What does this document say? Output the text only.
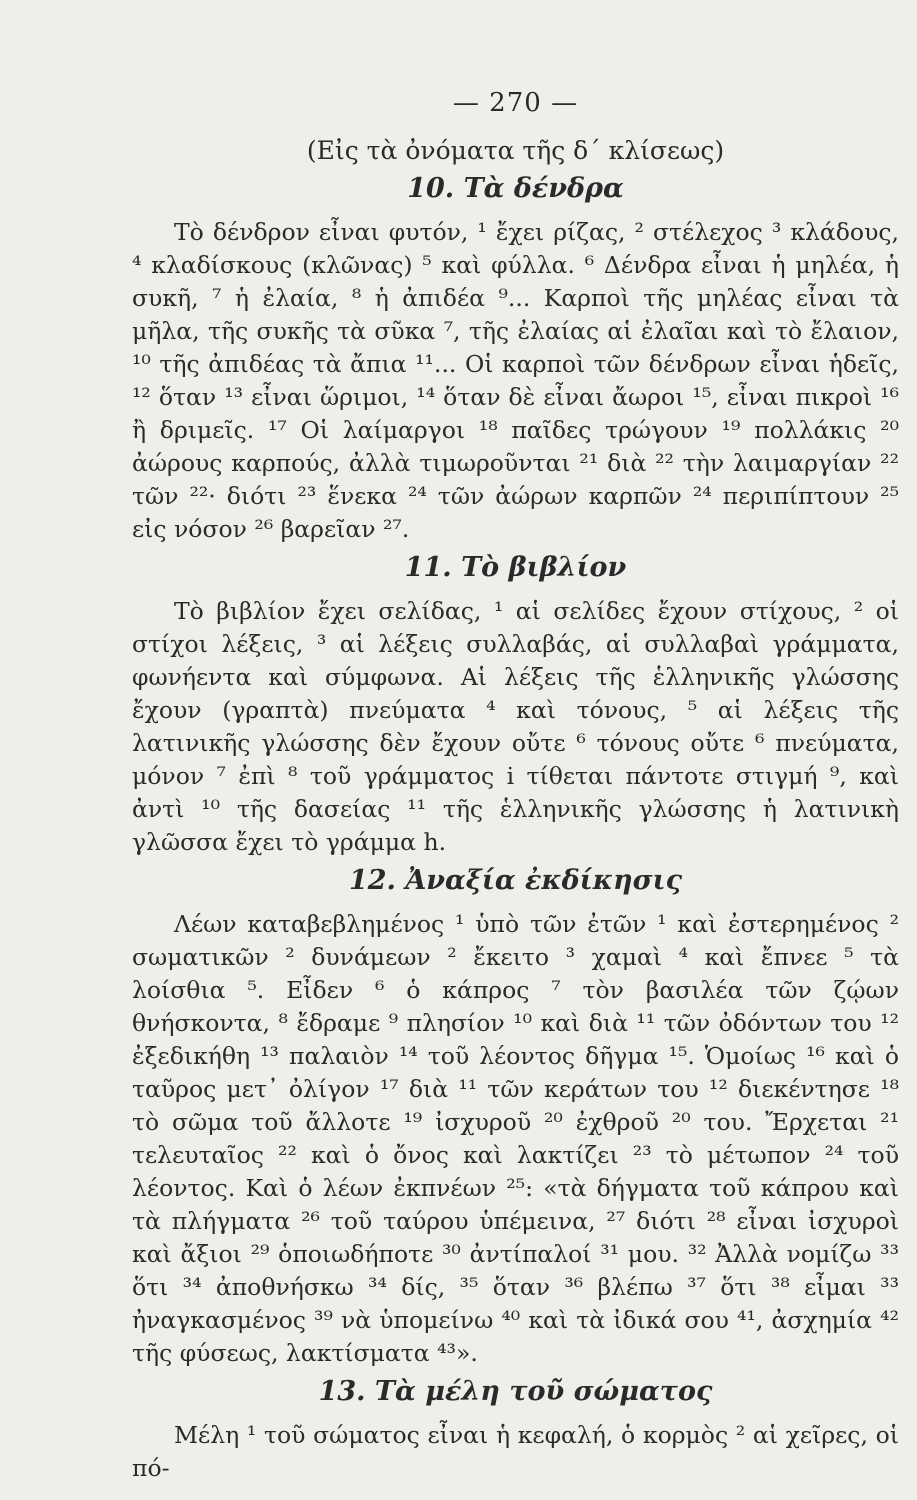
— 270 —
(Εἰς τὰ ὀνόματα τῆς δ΄ κλίσεως)
10. Τὰ δένδρα

Τὸ δένδρον εἶναι φυτόν, ¹ ἔχει ρίζας, ² στέλεχος ³ κλάδους, ⁴ κλαδίσκους (κλῶνας) ⁵ καὶ φύλλα. ⁶ Δένδρα εἶναι ἡ μηλέα, ἡ συκῆ, ⁷ ἡ ἐλαία, ⁸ ἡ ἀπιδέα ⁹... Καρποὶ τῆς μηλέας εἶναι τὰ μῆλα, τῆς συκῆς τὰ σῦκα ⁷, τῆς ἐλαίας αἱ ἐλαῖαι καὶ τὸ ἔλαιον, ¹⁰ τῆς ἀπιδέας τὰ ἄπια ¹¹... Οἱ καρποὶ τῶν δένδρων εἶναι ἡδεῖς, ¹² ὅταν ¹³ εἶναι ὥριμοι, ¹⁴ ὅταν δὲ εἶναι ἄωροι ¹⁵, εἶναι πικροὶ ¹⁶ ἢ δριμεῖς. ¹⁷ Οἱ λαίμαργοι ¹⁸ παῖδες τρώγουν ¹⁹ πολλάκις ²⁰ ἀώρους καρπούς, ἀλλὰ τιμωροῦνται ²¹ διὰ ²² τὴν λαιμαργίαν ²² τῶν ²²· διότι ²³ ἕνεκα ²⁴ τῶν ἀώρων καρπῶν ²⁴ περιπίπτουν ²⁵ εἰς νόσον ²⁶ βαρεῖαν ²⁷.

11. Τὸ βιβλίον

Τὸ βιβλίον ἔχει σελίδας, ¹ αἱ σελίδες ἔχουν στίχους, ² οἱ στίχοι λέξεις, ³ αἱ λέξεις συλλαβάς, αἱ συλλαβαὶ γράμματα, φωνήεντα καὶ σύμφωνα. Αἱ λέξεις τῆς ἑλληνικῆς γλώσσης ἔχουν (γραπτὰ) πνεύματα ⁴ καὶ τόνους, ⁵ αἱ λέξεις τῆς λατινικῆς γλώσσης δὲν ἔχουν οὔτε ⁶ τόνους οὔτε ⁶ πνεύματα, μόνον ⁷ ἐπὶ ⁸ τοῦ γράμματος i τίθεται πάντοτε στιγμή ⁹, καὶ ἀντὶ ¹⁰ τῆς δασείας ¹¹ τῆς ἑλληνικῆς γλώσσης ἡ λατινικὴ γλῶσσα ἔχει τὸ γράμμα h.

12. Ἀναξία ἐκδίκησις

Λέων καταβεβλημένος ¹ ὑπὸ τῶν ἐτῶν ¹ καὶ ἐστερημένος ² σωματικῶν ² δυνάμεων ² ἔκειτο ³ χαμαὶ ⁴ καὶ ἔπνεε ⁵ τὰ λοίσθια ⁵. Εἶδεν ⁶ ὁ κάπρος ⁷ τὸν βασιλέα τῶν ζῴων θνήσκοντα, ⁸ ἔδραμε ⁹ πλησίον ¹⁰ καὶ διὰ ¹¹ τῶν ὀδόντων του ¹² ἐξεδικήθη ¹³ παλαιὸν ¹⁴ τοῦ λέοντος δῆγμα ¹⁵. Ὁμοίως ¹⁶ καὶ ὁ ταῦρος μετ᾽ ὀλίγον ¹⁷ διὰ ¹¹ τῶν κεράτων του ¹² διεκέντησε ¹⁸ τὸ σῶμα τοῦ ἄλλοτε ¹⁹ ἰσχυροῦ ²⁰ ἐχθροῦ ²⁰ του. Ἔρχεται ²¹ τελευταῖος ²² καὶ ὁ ὄνος καὶ λακτίζει ²³ τὸ μέτωπον ²⁴ τοῦ λέοντος. Καὶ ὁ λέων ἐκπνέων ²⁵: «τὰ δήγματα τοῦ κάπρου καὶ τὰ πλήγματα ²⁶ τοῦ ταύρου ὑπέμεινα, ²⁷ διότι ²⁸ εἶναι ἰσχυροὶ καὶ ἄξιοι ²⁹ ὁποιωδήποτε ³⁰ ἀντίπαλοί ³¹ μου. ³² Ἀλλὰ νομίζω ³³ ὅτι ³⁴ ἀποθνήσκω ³⁴ δίς, ³⁵ ὅταν ³⁶ βλέπω ³⁷ ὅτι ³⁸ εἶμαι ³³ ἠναγκασμένος ³⁹ νὰ ὑπομείνω ⁴⁰ καὶ τὰ ἰδικά σου ⁴¹, ἀσχημία ⁴² τῆς φύσεως, λακτίσματα ⁴³».

13. Τὰ μέλη τοῦ σώματος

Μέλη ¹ τοῦ σώματος εἶναι ἡ κεφαλή, ὁ κορμὸς ² αἱ χεῖρες, οἱ πό-
